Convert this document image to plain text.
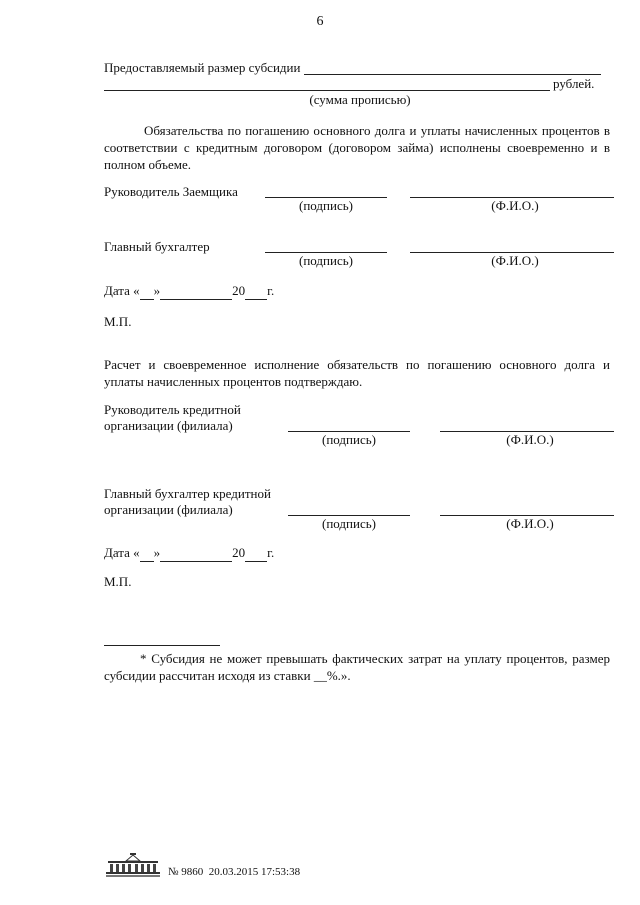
6
Предоставляемый размер субсидии
рублей.
(сумма прописью)
Обязательства по погашению основного долга и уплаты начисленных процентов в соответствии с кредитным договором (договором займа) исполнены своевременно и в полном объеме.
Руководитель Заемщика
(подпись)	(Ф.И.О.)
Главный бухгалтер
(подпись)	(Ф.И.О.)
Дата « »	20 г.
М.П.
Расчет и своевременное исполнение обязательств по погашению основного долга и уплаты начисленных процентов подтверждаю.
Руководитель кредитной
организации (филиала)
(подпись)	(Ф.И.О.)
Главный бухгалтер кредитной
организации (филиала)
(подпись)	(Ф.И.О.)
Дата « »	20 г.
М.П.
* Субсидия не может превышать фактических затрат на уплату процентов, размер субсидии рассчитан исходя из ставки __%.».
№ 9860 20.03.2015 17:53:38
